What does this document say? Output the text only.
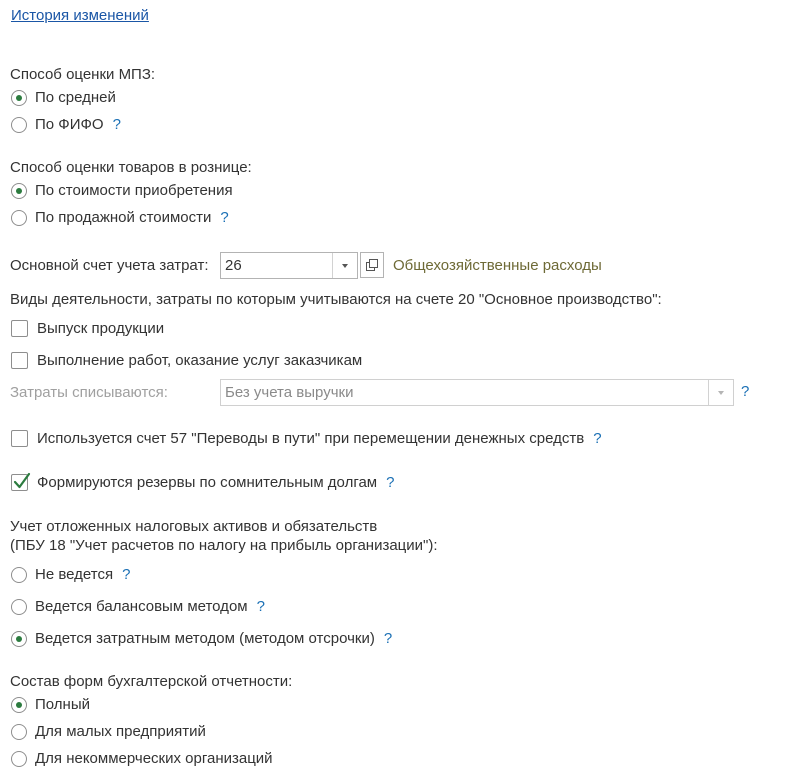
История изменений
Способ оценки МПЗ:
По средней
По ФИФО ?
Способ оценки товаров в рознице:
По стоимости приобретения
По продажной стоимости ?
Основной счет учета затрат: 26	Общехозяйственные расходы
Виды деятельности, затраты по которым учитываются на счете 20 "Основное производство":
Выпуск продукции
Выполнение работ, оказание услуг заказчикам
Затраты списываются:	Без учета выручки	?
Используется счет 57 "Переводы в пути" при перемещении денежных средств ?
Формируются резервы по сомнительным долгам ?
Учет отложенных налоговых активов и обязательств
(ПБУ 18 "Учет расчетов по налогу на прибыль организации"):
Не ведется ?
Ведется балансовым методом ?
Ведется затратным методом (методом отсрочки) ?
Состав форм бухгалтерской отчетности:
Полный
Для малых предприятий
Для некоммерческих организаций
